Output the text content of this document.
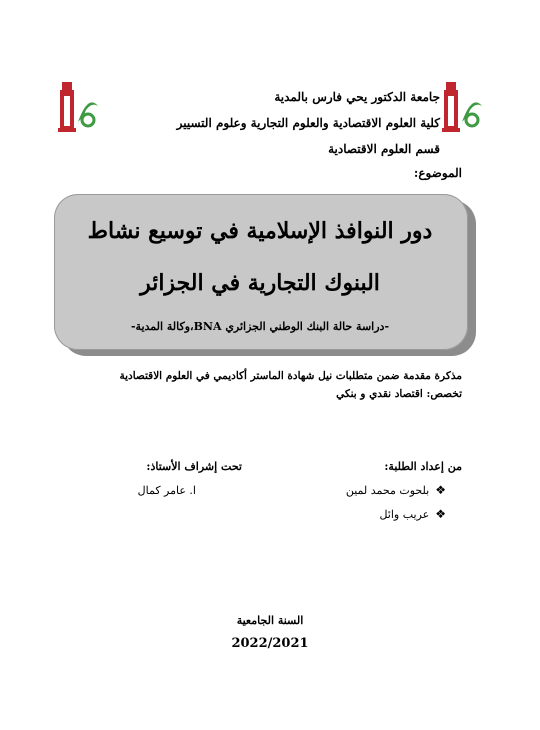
جامعة الدكتور يحي فارس بالمدية
كلية العلوم الاقتصادية والعلوم التجارية وعلوم التسيير
قسم العلوم الاقتصادية
الموضوع:
دور النوافذ الإسلامية في توسيع نشاط
البنوك التجارية في الجزائر
-دراسة حالة البنك الوطني الجزائري BNA،وكالة المدية-
مذكرة مقدمة ضمن متطلبات نيل شهادة الماستر أكاديمي في العلوم الاقتصادية
تخصص: اقتصاد نقدي و بنكي
من إعداد الطلبة:
تحت إشراف الأستاذ:
❖
بلحوت محمد لمين
❖
عريب وائل
ا. عامر كمال
السنة الجامعية
2022/2021
